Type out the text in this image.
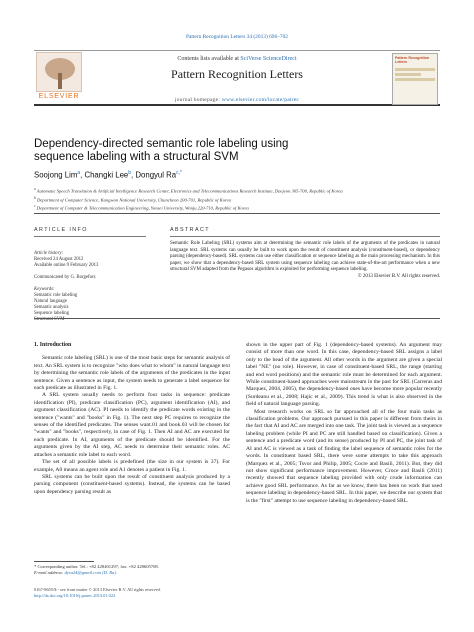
Pattern Recognition Letters 34 (2013) 696–702
ELSEVIER
Contents lists available at SciVerse ScienceDirect
Pattern Recognition Letters
journal homepage: www.elsevier.com/locate/patrec
Pattern Recognition Letters
Dependency-directed semantic role labeling using sequence labeling with a structural SVM
Soojong Lim$^a$, Changki Lee$^b$, Dongyul $Ra^{c,*}$
$^a$ Automatic Speech Translation & Artificial Intelligence Research Center, Electronics and Telecommunications Research Institute, Daejeon 305-700, Republic of Korea
$^b$ Department of Computer Science, Kangwon National University, Chuncheon 200-701, Republic of Korea
$^c$ Department of Computer & Telecommunication Engineering, Yonsei University, Wonju 220-710, Republic of Korea
ARTICLE INFO	ABSTRACT
Article history:
Received 24 August 2012
Available online 9 February 2013
Communicated by G. Borgefors
Keywords:
Semantic role labeling
Natural language
Semantic analysis
Sequence labeling
Structural SVM

Semantic Role Labeling (SRL) systems aim at determining the semantic role labels of the arguments of the predicates in natural language text. SRL systems can usually be built to work upon the result of constituent analysis (constituent-based), or dependency parsing (dependency-based). SRL systems can use either classification or sequence labeling as the main processing mechanism. In this paper, we show that a dependency-based SRL system using sequence labeling can achieve state-of-the-art performance when a new structural SVM adapted from the Pegasos algorithm is exploited for performing sequence labeling.

© 2013 Elsevier B.V. All rights reserved.

1. Introduction

Semantic role labeling (SRL) is one of the most basic steps for semantic analysis of text. An SRL system is to recognize "who does what to whom" in natural language text by determining the semantic role labels of the arguments of the predicates in the input sentence. Given a sentence as input, the system needs to generate a label sequence for each predicate as illustrated in Fig. 1.

A SRL system usually needs to perform four tasks in sequence: predicate identification (PI), predicate classification (PC), argument identification (AI), and argument classification (AC). PI needs to identify the predicate words existing in the sentence ("wants" and "books" in Fig. 1). The next step PC requires to recognize the senses of the identified predicates. The senses want.01 and book.03 will be chosen for "wants" and "books", respectively, in case of Fig. 1. Then AI and AC are executed for each predicate. In AI, arguments of the predicate should be identified. For the arguments given by the AI step, AC needs to determine their semantic roles. AC attaches a semantic role label to each word.

The set of all possible labels is predefined (the size in our system is 37). For example, A0 means an agent role and A1 denotes a patient in Fig. 1.

SRL systems can be built upon the result of constituent analysis produced by a parsing component (constituent-based systems). Instead, the systems can be based upon dependency parsing result as

shown in the upper part of Fig. 1 (dependency-based systems). An argument may consist of more than one word. In this case, dependency-based SRL assigns a label only to the head of the argument. All other words in the argument are given a special label "NE" (no role). However, in case of constituent-based SRL, the range (starting and end word positions) and the semantic role must be determined for each argument. While constituent-based approaches were mainstream in the past for SRL (Carreras and Marquez, 2004, 2005), the dependency-based ones have become more popular recently (Surdeanu et al., 2008; Hajic et al., 2009). This trend is what is also observed in the field of natural language parsing.

Most research works on SRL so far approached all of the four main tasks as classification problems. Our approach pursued in this paper is different from theirs in the fact that AI and AC are merged into one task. The joint task is viewed as a sequence labeling problem (while PI and PC are still handled based on classification). Given a sentence and a predicate word (and its sense) produced by PI and PC, the joint task of AI and AC is viewed as a task of finding the label sequence of semantic roles for the words. In constituent based SRL, there were some attempts to take this approach (Marquez et al., 2005; Tsvor and Philip, 2005; Cocre and Basili, 2011). But, they did not show significant performance improvement. However, Croce and Basili (2011) recently showed that sequence labeling provided with only crude information can achieve good SRL performance. As far as we know, there has been no work that used sequence labeling in dependency-based SRL. In this paper, we describe our system that is the "first" attempt to use sequence labeling in dependency-based SRL.

* Corresponding author. Tel.: +82 428401297; fax: +82 428605708.
E-mail address: dyra24@gmail.com (D. Ra).
0167-8655/$ - see front matter © 2013 Elsevier B.V. All rights reserved.
http://dx.doi.org/10.1016/j.patrec.2013.01.022
